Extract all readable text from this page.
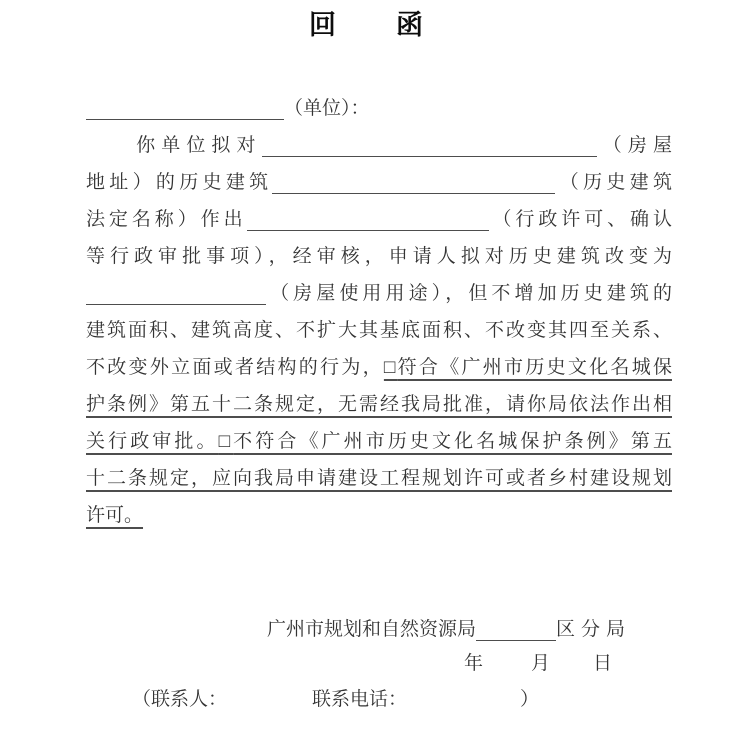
回　　函
（单位）：
你单位拟对	（房屋
地址）的历史建筑	（历史建筑
法定名称）作出	（行政许可、确认
等行政审批事项），经审核，申请人拟对历史建筑改变为
（房屋使用用途），但不增加历史建筑的
建筑面积、建筑高度、不扩大其基底面积、不改变其四至关系、
不改变外立面或者结构的行为，□符合《广州市历史文化名城保
护条例》第五十二条规定，无需经我局批准，请你局依法作出相
关行政审批。□不符合《广州市历史文化名城保护条例》第五
十二条规定，应向我局申请建设工程规划许可或者乡村建设规划
许可。
广州市规划和自然资源局	区分局
年	月 日
（联系人：	联系电话：	）
